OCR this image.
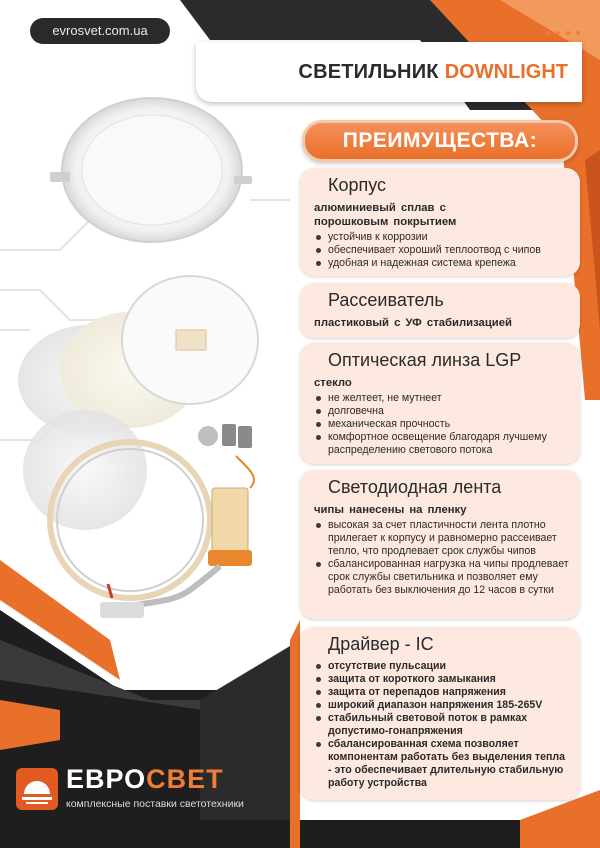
evrosvet.com.ua
СВЕТИЛЬНИК DOWNLIGHT
ПРЕИМУЩЕСТВА:
Корпус
алюминиевый сплав с порошковым покрытием
устойчив к коррозии
обеспечивает хороший теплоотвод с чипов
удобная и надежная система крепежа
Рассеиватель
пластиковый с УФ стабилизацией
Оптическая линза LGP
стекло
не желтеет, не мутнеет
долговечна
механическая прочность
комфортное освещение благодаря лучшему распределению светового потока
Светодиодная лента
чипы нанесены на пленку
высокая за счет пластичности лента плотно прилегает к корпусу и равномерно рассеивает тепло, что продлевает срок службы чипов
сбалансированная нагрузка на чипы продлевает срок службы светильника и позволяет ему работать без выключения до 12 часов в сутки
Драйвер - IC
отсутствие пульсации
защита от короткого замыкания
защита от перепадов напряжения
широкий диапазон напряжения 185-265V
стабильный световой поток в рамках допустимо-гонапряжения
сбалансированная схема позволяет компонентам работать без выделения тепла - это обеспечивает длительную стабильную работу устройства
ЕВРОСВЕТ
комплексные поставки светотехники
